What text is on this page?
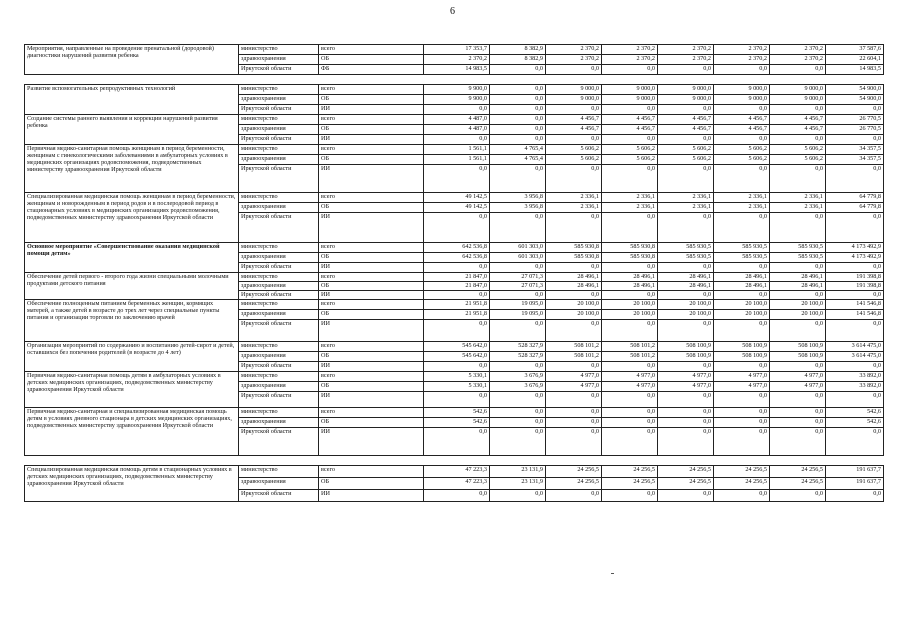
6
Мероприятия, направленные на проведение пренатальной (дородовой) диагностики нарушений развития ребенка	министерство	всего	17 353,7	8 382,9	2 370,2	2 370,2	2 370,2	2 370,2	2 370,2	37 587,6
	здравоохранения	ОБ	2 370,2	8 382,9	2 370,2	2 370,2	2 370,2	2 370,2	2 370,2	22 604,1
	Иркутской области	ФБ	14 983,5	0,0	0,0	0,0	0,0	0,0	0,0	14 983,5

Развитие вспомогательных репродуктивных технологий	министерство	всего	9 900,0	0,0	9 000,0	9 000,0	9 000,0	9 000,0	9 000,0	54 900,0
	здравоохранения	ОБ	9 900,0	0,0	9 000,0	9 000,0	9 000,0	9 000,0	9 000,0	54 900,0
	Иркутской области	ИИ	0,0	0,0	0,0	0,0	0,0	0,0	0,0	0,0
Создание системы раннего выявления и коррекции нарушений развития ребенка	министерство	всего	4 487,0	0,0	4 456,7	4 456,7	4 456,7	4 456,7	4 456,7	26 770,5
	здравоохранения	ОБ	4 487,0	0,0	4 456,7	4 456,7	4 456,7	4 456,7	4 456,7	26 770,5
	Иркутской области	ИИ	0,0	0,0	0,0	0,0	0,0	0,0	0,0	0,0
Первичная медико-санитарная помощь женщинам в период беременности, женщинам с гинекологическими заболеваниями в амбулаторных условиях в медицинских организациях родовспоможения, подведомственных министерству здравоохранения Иркутской области	министерство	всего	1 561,1	4 765,4	5 606,2	5 606,2	5 606,2	5 606,2	5 606,2	34 357,5
	здравоохранения	ОБ	1 561,1	4 765,4	5 606,2	5 606,2	5 606,2	5 606,2	5 606,2	34 357,5
	Иркутской области	ИИ	0,0	0,0	0,0	0,0	0,0	0,0	0,0	0,0
Специализированная медицинская помощь женщинам в период беременности, женщинам и новорожденным в период родов и в послеродовой период в стационарных условиях в медицинских организациях родовспоможения, подведомственных министерству здравоохранения Иркутской области	министерство	всего	49 142,5	3 956,8	2 336,1	2 336,1	2 336,1	2 336,1	2 336,1	64 779,8
	здравоохранения	ОБ	49 142,5	3 956,8	2 336,1	2 336,1	2 336,1	2 336,1	2 336,1	64 779,8
	Иркутской области	ИИ	0,0	0,0	0,0	0,0	0,0	0,0	0,0	0,0
Основное мероприятие «Совершенствование оказания медицинской помощи детям»	министерство	всего	642 536,8	601 303,0	585 930,8	585 930,8	585 930,5	585 930,5	585 930,5	4 173 492,9
	здравоохранения	ОБ	642 536,8	601 303,0	585 930,8	585 930,8	585 930,5	585 930,5	585 930,5	4 173 492,9
	Иркутской области	ИИ	0,0	0,0	0,0	0,0	0,0	0,0	0,0	0,0
Обеспечение детей первого - второго года жизни специальными молочными продуктами детского питания	министерство	всего	21 847,0	27 071,3	28 496,1	28 496,1	28 496,1	28 496,1	28 496,1	191 398,8
	здравоохранения	ОБ	21 847,0	27 071,3	28 496,1	28 496,1	28 496,1	28 496,1	28 496,1	191 398,8
	Иркутской области	ИИ	0,0	0,0	0,0	0,0	0,0	0,0	0,0	0,0
Обеспечение полноценным питанием беременных женщин, кормящих матерей, а также детей в возрасте до трех лет через специальные пункты питания и организации торговли по заключению врачей	министерство	всего	21 951,8	19 095,0	20 100,0	20 100,0	20 100,0	20 100,0	20 100,0	141 546,8
	здравоохранения	ОБ	21 951,8	19 095,0	20 100,0	20 100,0	20 100,0	20 100,0	20 100,0	141 546,8
	Иркутской области	ИИ	0,0	0,0	0,0	0,0	0,0	0,0	0,0	0,0
Организация мероприятий по содержанию и воспитанию детей-сирот и детей, оставшихся без попечения родителей (в возрасте до 4 лет)	министерство	всего	545 642,0	528 327,9	508 101,2	508 101,2	508 100,9	508 100,9	508 100,9	3 614 475,0
	здравоохранения	ОБ	545 642,0	528 327,9	508 101,2	508 101,2	508 100,9	508 100,9	508 100,9	3 614 475,0
	Иркутской области	ИИ	0,0	0,0	0,0	0,0	0,0	0,0	0,0	0,0
Первичная медико-санитарная помощь детям в амбулаторных условиях в детских медицинских организациях, подведомственных министерству здравоохранения Иркутской области	министерство	всего	5 330,1	3 676,9	4 977,0	4 977,0	4 977,0	4 977,0	4 977,0	33 892,0
	здравоохранения	ОБ	5 330,1	3 676,9	4 977,0	4 977,0	4 977,0	4 977,0	4 977,0	33 892,0
	Иркутской области	ИИ	0,0	0,0	0,0	0,0	0,0	0,0	0,0	0,0
Первичная медико-санитарная и специализированная медицинская помощь детям в условиях дневного стационара в детских медицинских организациях, подведомственных министерству здравоохранения Иркутской области	министерство	всего	542,6	0,0	0,0	0,0	0,0	0,0	0,0	542,6
	здравоохранения	ОБ	542,6	0,0	0,0	0,0	0,0	0,0	0,0	542,6
	Иркутской области	ИИ	0,0	0,0	0,0	0,0	0,0	0,0	0,0	0,0

Специализированная медицинская помощь детям в стационарных условиях в детских медицинских организациях, подведомственных министерству здравоохранения Иркутской области	министерство	всего	47 223,3	23 131,9	24 256,5	24 256,5	24 256,5	24 256,5	24 256,5	191 637,7
	здравоохранения	ОБ	47 223,3	23 131,9	24 256,5	24 256,5	24 256,5	24 256,5	24 256,5	191 637,7
	Иркутской области	ИИ	0,0	0,0	0,0	0,0	0,0	0,0	0,0	0,0
